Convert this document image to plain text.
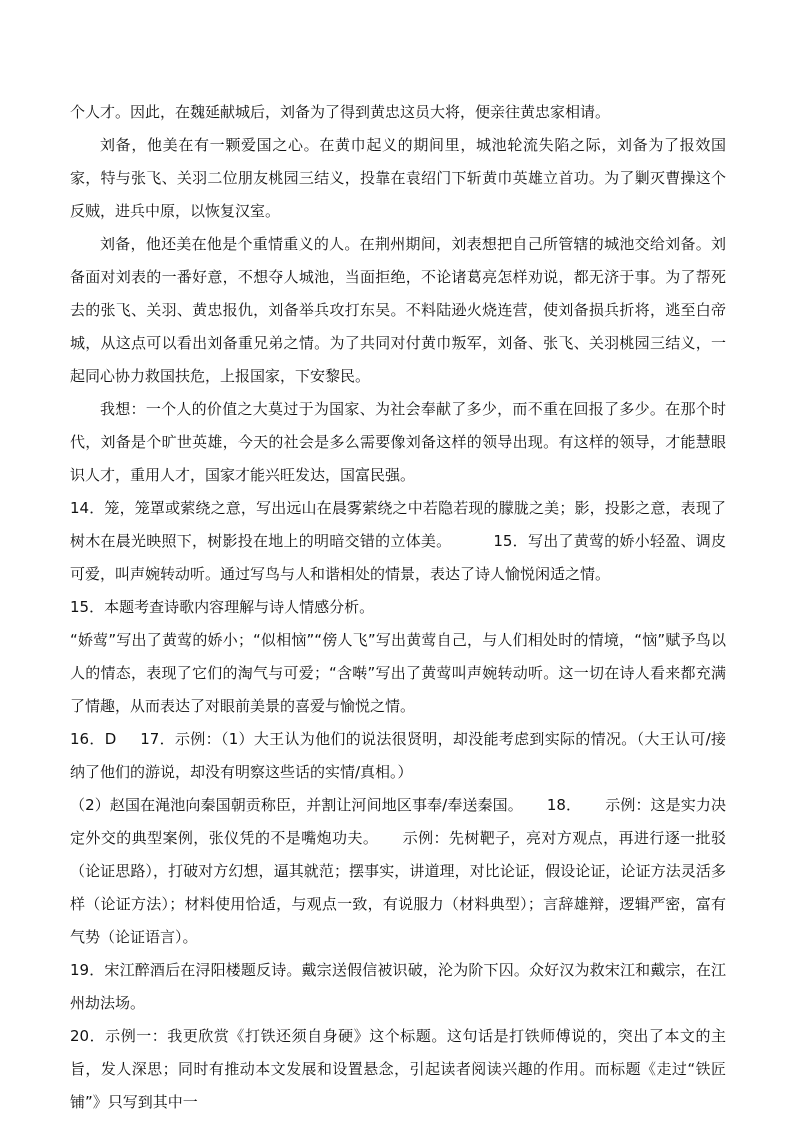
个人才。因此，在魏延献城后，刘备为了得到黄忠这员大将，便亲往黄忠家相请。

刘备，他美在有一颗爱国之心。在黄巾起义的期间里，城池轮流失陷之际，刘备为了报效国家，特与张飞、关羽二位朋友桃园三结义，投靠在袁绍门下斩黄巾英雄立首功。为了剿灭曹操这个反贼，进兵中原，以恢复汉室。

刘备，他还美在他是个重情重义的人。在荆州期间，刘表想把自己所管辖的城池交给刘备。刘备面对刘表的一番好意，不想夺人城池，当面拒绝，不论诸葛亮怎样劝说，都无济于事。为了帮死去的张飞、关羽、黄忠报仇，刘备举兵攻打东吴。不料陆逊火烧连营，使刘备损兵折将，逃至白帝城，从这点可以看出刘备重兄弟之情。为了共同对付黄巾叛军，刘备、张飞、关羽桃园三结义，一起同心协力救国扶危，上报国家，下安黎民。

我想：一个人的价值之大莫过于为国家、为社会奉献了多少，而不重在回报了多少。在那个时代，刘备是个旷世英雄，今天的社会是多么需要像刘备这样的领导出现。有这样的领导，才能慧眼识人才，重用人才，国家才能兴旺发达，国富民强。

14．笼，笼罩或萦绕之意，写出远山在晨雾萦绕之中若隐若现的朦胧之美；影，投影之意，表现了树木在晨光映照下，树影投在地上的明暗交错的立体美。	15．写出了黄莺的娇小轻盈、调皮可爱，叫声婉转动听。通过写鸟与人和谐相处的情景，表达了诗人愉悦闲适之情。

15．本题考查诗歌内容理解与诗人情感分析。

“娇莺”写出了黄莺的娇小；“似相恼”“傍人飞”写出黄莺自己，与人们相处时的情境，“恼”赋予鸟以人的情态，表现了它们的淘气与可爱；“含啭”写出了黄莺叫声婉转动听。这一切在诗人看来都充满了情趣，从而表达了对眼前美景的喜爱与愉悦之情。

16．D 17．示例：（1）大王认为他们的说法很贤明，却没能考虑到实际的情况。（大王认可/接纳了他们的游说，却没有明察这些话的实情/真相。）

（2）赵国在渑池向秦国朝贡称臣，并割让河间地区事奉/奉送秦国。 18． 示例：这是实力决定外交的典型案例，张仪凭的不是嘴炮功夫。 示例：先树靶子，亮对方观点，再进行逐一批驳（论证思路），打破对方幻想，逼其就范；摆事实，讲道理，对比论证，假设论证，论证方法灵活多样（论证方法）；材料使用恰适，与观点一致，有说服力（材料典型）；言辞雄辩，逻辑严密，富有气势（论证语言）。

19．宋江醉酒后在浔阳楼题反诗。戴宗送假信被识破，沦为阶下囚。众好汉为救宋江和戴宗，在江州劫法场。

20．示例一：我更欣赏《打铁还须自身硬》这个标题。这句话是打铁师傅说的，突出了本文的主旨，发人深思；同时有推动本文发展和设置悬念，引起读者阅读兴趣的作用。而标题《走过“铁匠铺”》只写到其中一
